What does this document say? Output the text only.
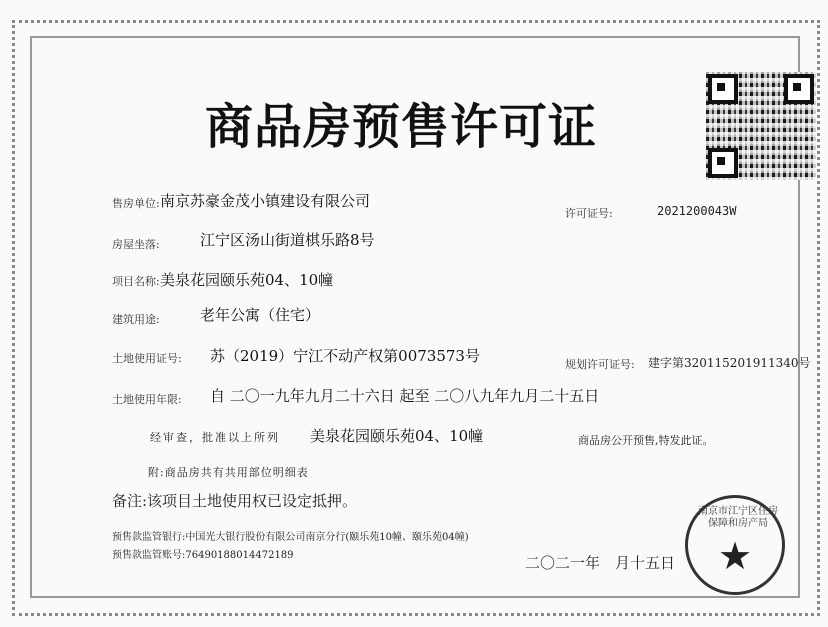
商品房预售许可证
售房单位: 南京苏豪金茂小镇建设有限公司
许可证号:	2021200043W
房屋坐落:	江宁区汤山街道棋乐路8号
项目名称: 美泉花园颐乐苑04、10幢
建筑用途:	老年公寓（住宅）
土地使用证号: 苏（2019）宁江不动产权第0073573号	规划许可证号: 建字第320115201911340号
土地使用年限: 自 二〇一九年九月二十六日 起至 二〇八九年九月二十五日
经审查，批准以上所列 美泉花园颐乐苑04、10幢	商品房公开预售,特发此证。
附:商品房共有共用部位明细表
备注:该项目土地使用权已设定抵押。
预售款监管银行:中国光大银行股份有限公司南京分行(颐乐苑10幢、颐乐苑04幢)
预售款监管账号:76490188014472189	二〇二一年　月十五日
南京市江宁区住房保障和房产局
★
